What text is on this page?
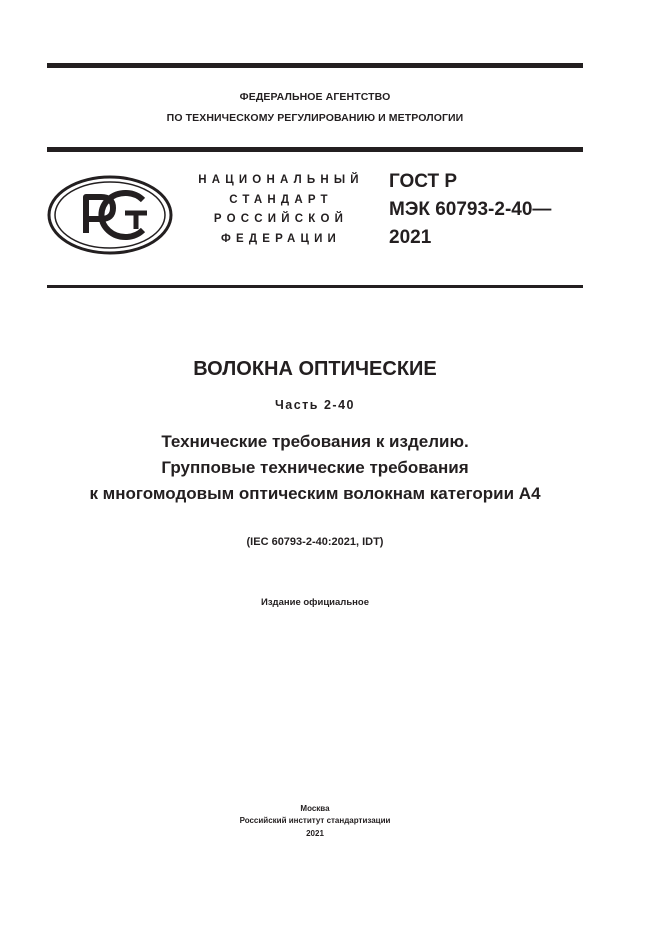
ФЕДЕРАЛЬНОЕ АГЕНТСТВО
ПО ТЕХНИЧЕСКОМУ РЕГУЛИРОВАНИЮ И МЕТРОЛОГИИ
НАЦИОНАЛЬНЫЙ
СТАНДАРТ
РОССИЙСКОЙ
ФЕДЕРАЦИИ
ГОСТ Р
МЭК 60793-2-40—
2021
ВОЛОКНА ОПТИЧЕСКИЕ
Часть 2-40
Технические требования к изделию.
Групповые технические требования
к многомодовым оптическим волокнам категории А4
(IEC 60793-2-40:2021, IDT)
Издание официальное
Москва
Российский институт стандартизации
2021
